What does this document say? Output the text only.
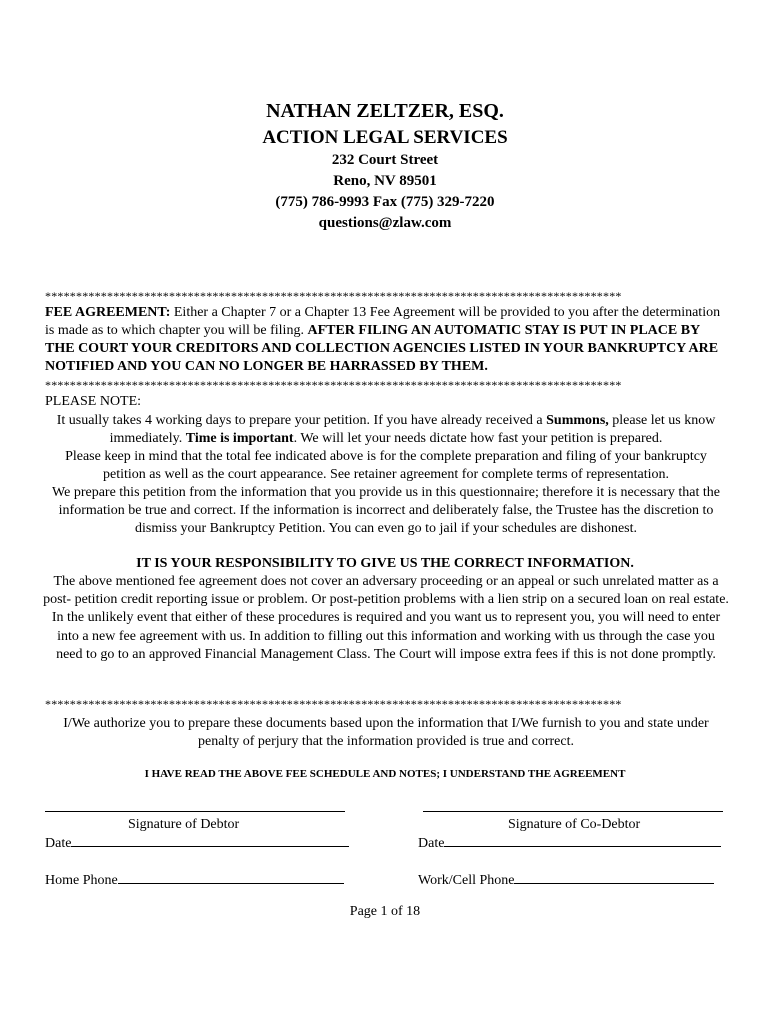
NATHAN ZELTZER, ESQ.
ACTION LEGAL SERVICES
232 Court Street
Reno, NV 89501
(775) 786-9993 Fax (775) 329-7220
questions@zlaw.com
*********************************************************************************************
FEE AGREEMENT: Either a Chapter 7 or a Chapter 13 Fee Agreement will be provided to you after the determination is made as to which chapter you will be filing. AFTER FILING AN AUTOMATIC STAY IS PUT IN PLACE BY THE COURT YOUR CREDITORS AND COLLECTION AGENCIES LISTED IN YOUR BANKRUPTCY ARE NOTIFIED AND YOU CAN NO LONGER BE HARRASSED BY THEM.
*********************************************************************************************
PLEASE NOTE:
It usually takes 4 working days to prepare your petition. If you have already received a Summons, please let us know immediately. Time is important. We will let your needs dictate how fast your petition is prepared.
Please keep in mind that the total fee indicated above is for the complete preparation and filing of your bankruptcy petition as well as the court appearance. See retainer agreement for complete terms of representation.
We prepare this petition from the information that you provide us in this questionnaire; therefore it is necessary that the information be true and correct. If the information is incorrect and deliberately false, the Trustee has the discretion to dismiss your Bankruptcy Petition. You can even go to jail if your schedules are dishonest.
IT IS YOUR RESPONSIBILITY TO GIVE US THE CORRECT INFORMATION.
The above mentioned fee agreement does not cover an adversary proceeding or an appeal or such unrelated matter as a post- petition credit reporting issue or problem. Or post-petition problems with a lien strip on a secured loan on real estate. In the unlikely event that either of these procedures is required and you want us to represent you, you will need to enter into a new fee agreement with us. In addition to filling out this information and working with us through the case you need to go to an approved Financial Management Class. The Court will impose extra fees if this is not done promptly.
*********************************************************************************************
I/We authorize you to prepare these documents based upon the information that I/We furnish to you and state under penalty of perjury that the information provided is true and correct.
I HAVE READ THE ABOVE FEE SCHEDULE AND NOTES; I UNDERSTAND THE AGREEMENT
Signature of Debtor	Signature of Co-Debtor
Date	Date
Home Phone	Work/Cell Phone
Page 1 of 18
